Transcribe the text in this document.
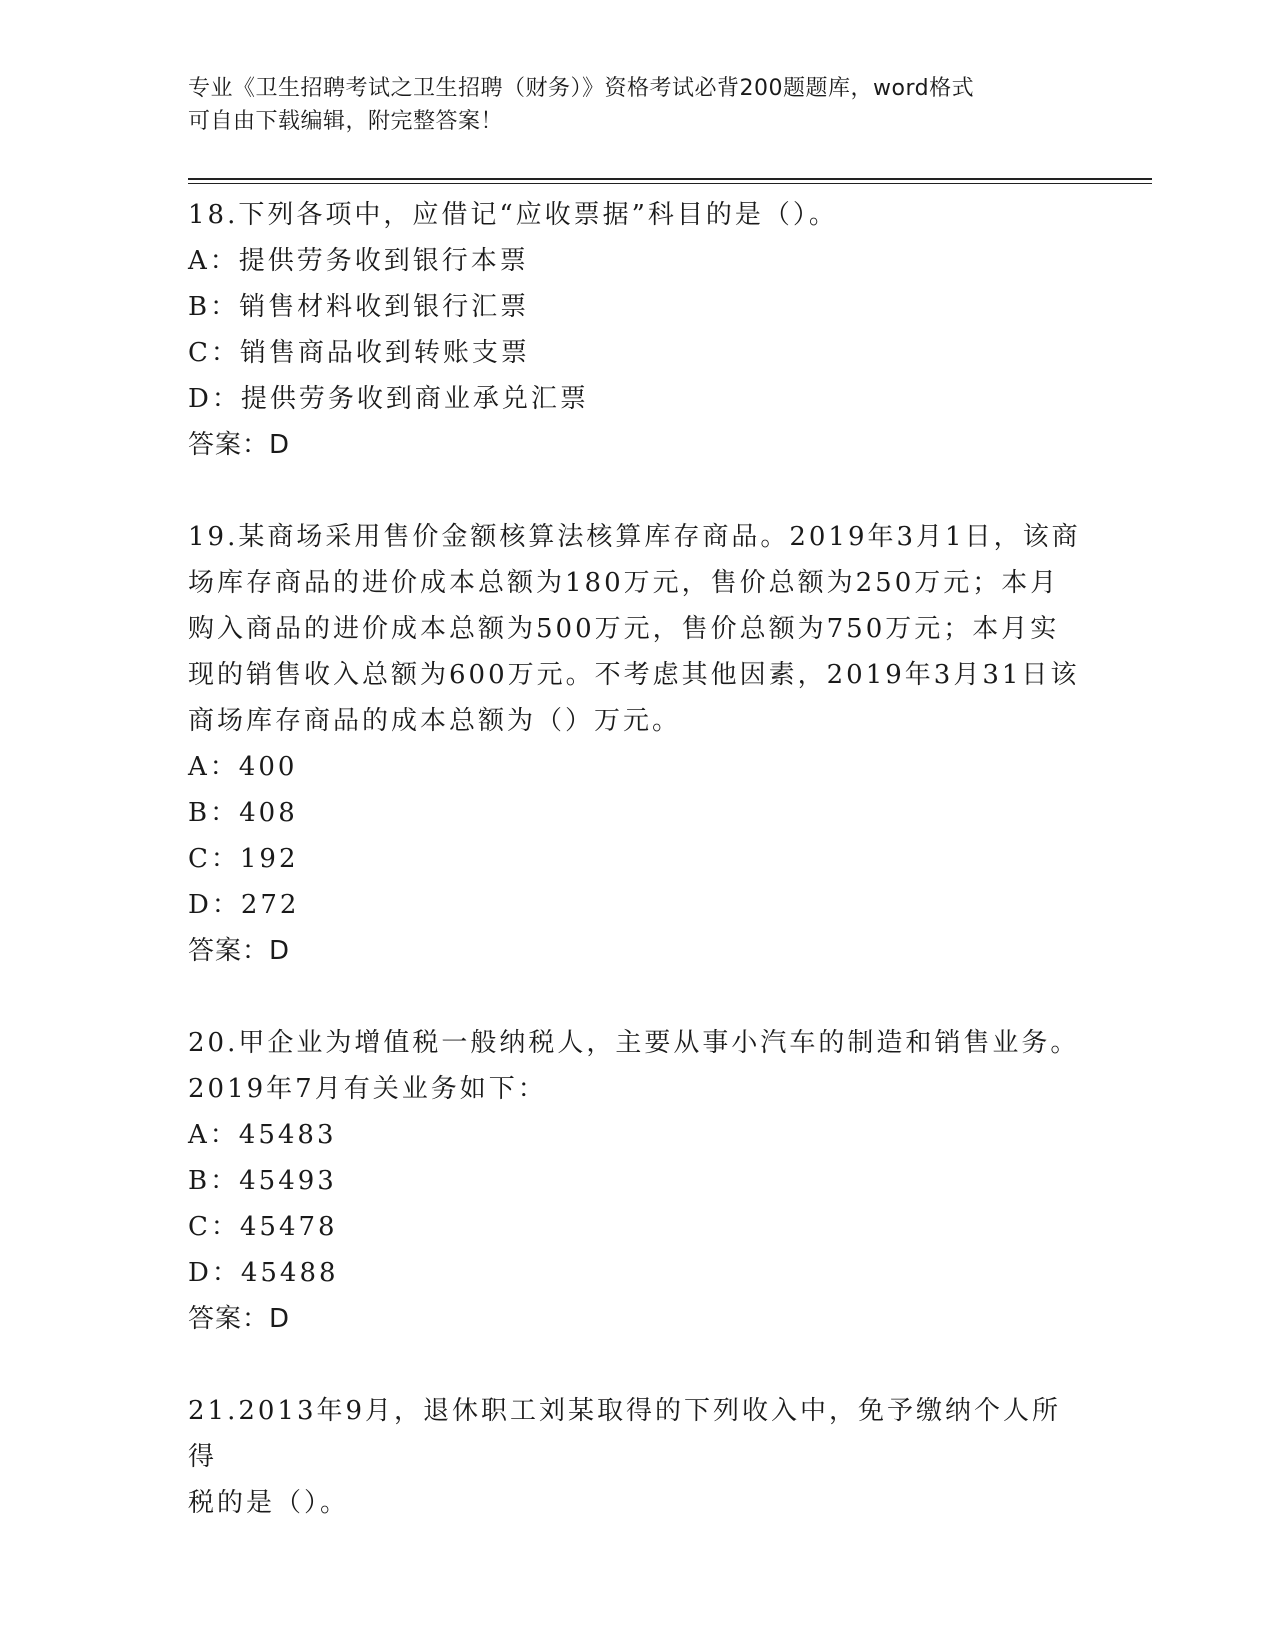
专业《卫生招聘考试之卫生招聘（财务）》资格考试必背200题题库，word格式
可自由下载编辑，附完整答案！
18.下列各项中，应借记“应收票据”科目的是（）。
A：提供劳务收到银行本票
B：销售材料收到银行汇票
C：销售商品收到转账支票
D：提供劳务收到商业承兑汇票
答案：D
19.某商场采用售价金额核算法核算库存商品。2019年3月1日，该商
场库存商品的进价成本总额为180万元，售价总额为250万元；本月
购入商品的进价成本总额为500万元，售价总额为750万元；本月实
现的销售收入总额为600万元。不考虑其他因素，2019年3月31日该
商场库存商品的成本总额为（）万元。
A：400
B：408
C：192
D：272
答案：D
20.甲企业为增值税一般纳税人，主要从事小汽车的制造和销售业务。
2019年7月有关业务如下：
A：45483
B：45493
C：45478
D：45488
答案：D
21.2013年9月，退休职工刘某取得的下列收入中，免予缴纳个人所得
税的是（）。
